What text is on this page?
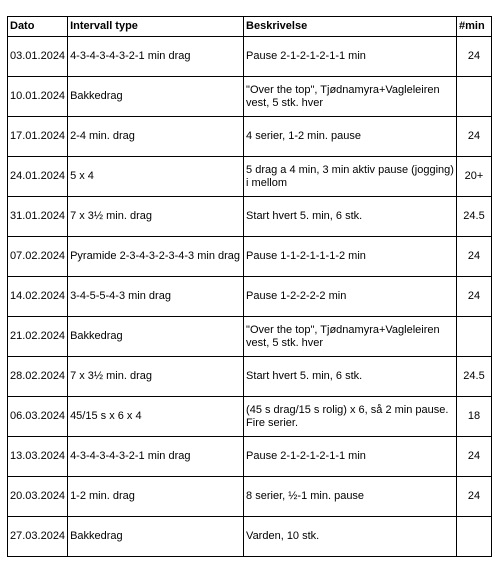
Dato	Intervall type	Beskrivelse	#min
03.01.2024	4-3-4-3-4-3-2-1 min drag	Pause 2-1-2-1-2-1-1 min	24
10.01.2024	Bakkedrag	"Over the top", Tjødnamyra+Vagleleiren vest, 5 stk. hver	
17.01.2024	2-4 min. drag	4 serier, 1-2 min. pause	24
24.01.2024	5 x 4	5 drag a 4 min, 3 min aktiv pause (jogging) i mellom	20+
31.01.2024	7 x 3½ min. drag	Start hvert 5. min, 6 stk.	24.5
07.02.2024	Pyramide 2-3-4-3-2-3-4-3 min drag	Pause 1-1-2-1-1-1-2 min	24
14.02.2024	3-4-5-5-4-3 min drag	Pause 1-2-2-2-2 min	24
21.02.2024	Bakkedrag	"Over the top", Tjødnamyra+Vagleleiren vest, 5 stk. hver	
28.02.2024	7 x 3½ min. drag	Start hvert 5. min, 6 stk.	24.5
06.03.2024	45/15 s x 6 x 4	(45 s drag/15 s rolig) x 6, så 2 min pause. Fire serier.	18
13.03.2024	4-3-4-3-4-3-2-1 min drag	Pause 2-1-2-1-2-1-1 min	24
20.03.2024	1-2 min. drag	8 serier, ½-1 min. pause	24
27.03.2024	Bakkedrag	Varden, 10 stk.	
